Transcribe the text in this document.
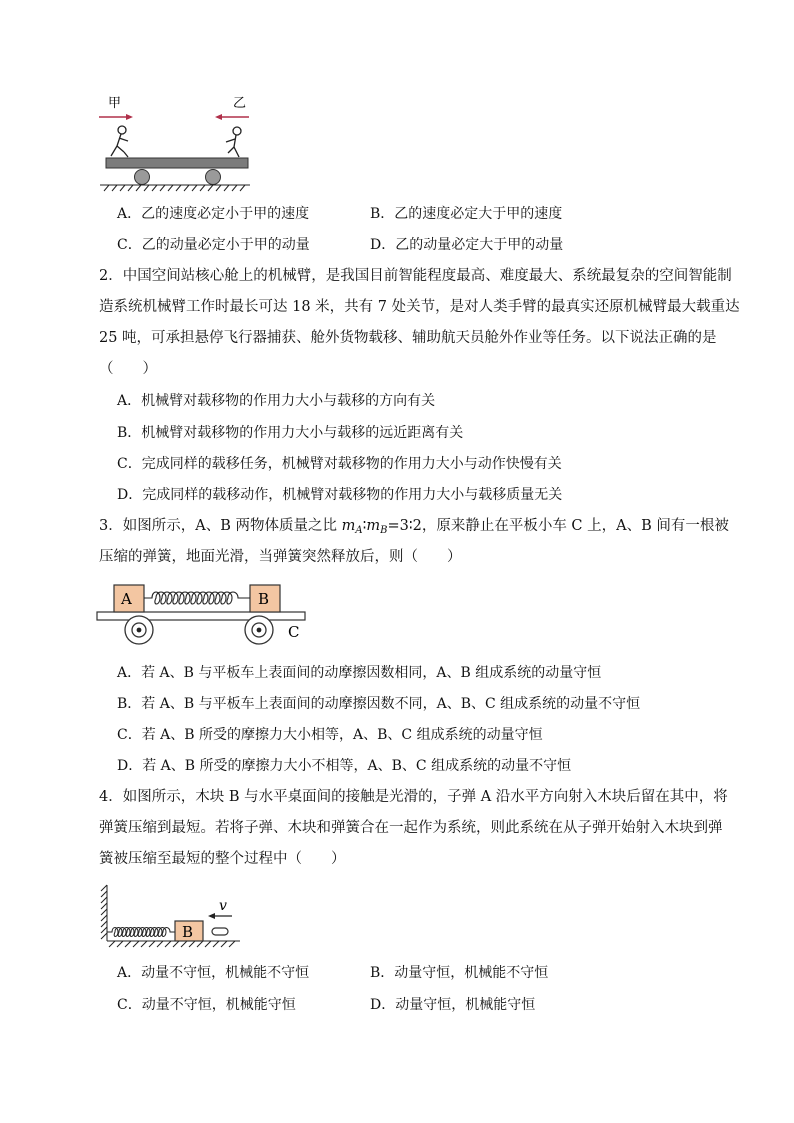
甲	乙
A．乙的速度必定小于甲的速度	B．乙的速度必定大于甲的速度
C．乙的动量必定小于甲的动量	D．乙的动量必定大于甲的动量
2．中国空间站核心舱上的机械臂，是我国目前智能程度最高、难度最大、系统最复杂的空间智能制
造系统机械臂工作时最长可达 18 米，共有 7 处关节，是对人类手臂的最真实还原机械臂最大载重达
25 吨，可承担悬停飞行器捕获、舱外货物载移、辅助航天员舱外作业等任务。以下说法正确的是
（　　）
A．机械臂对载移物的作用力大小与载移的方向有关
B．机械臂对载移物的作用力大小与载移的远近距离有关
C．完成同样的载移任务，机械臂对载移物的作用力大小与动作快慢有关
D．完成同样的载移动作，机械臂对载移物的作用力大小与载移质量无关
3．如图所示，A、B 两物体质量之比 $m_A∶m_B=3∶2$，原来静止在平板小车 C 上，A、B 间有一根被
压缩的弹簧，地面光滑，当弹簧突然释放后，则（　　）
A	B
C
A．若 A、B 与平板车上表面间的动摩擦因数相同，A、B 组成系统的动量守恒
B．若 A、B 与平板车上表面间的动摩擦因数不同，A、B、C 组成系统的动量不守恒
C．若 A、B 所受的摩擦力大小相等，A、B、C 组成系统的动量守恒
D．若 A、B 所受的摩擦力大小不相等，A、B、C 组成系统的动量不守恒
4．如图所示，木块 B 与水平桌面间的接触是光滑的，子弹 A 沿水平方向射入木块后留在其中，将
弹簧压缩到最短。若将子弹、木块和弹簧合在一起作为系统，则此系统在从子弹开始射入木块到弹
簧被压缩至最短的整个过程中（　　）
B
v
A．动量不守恒，机械能不守恒	B．动量守恒，机械能不守恒
C．动量不守恒，机械能守恒	D．动量守恒，机械能守恒
